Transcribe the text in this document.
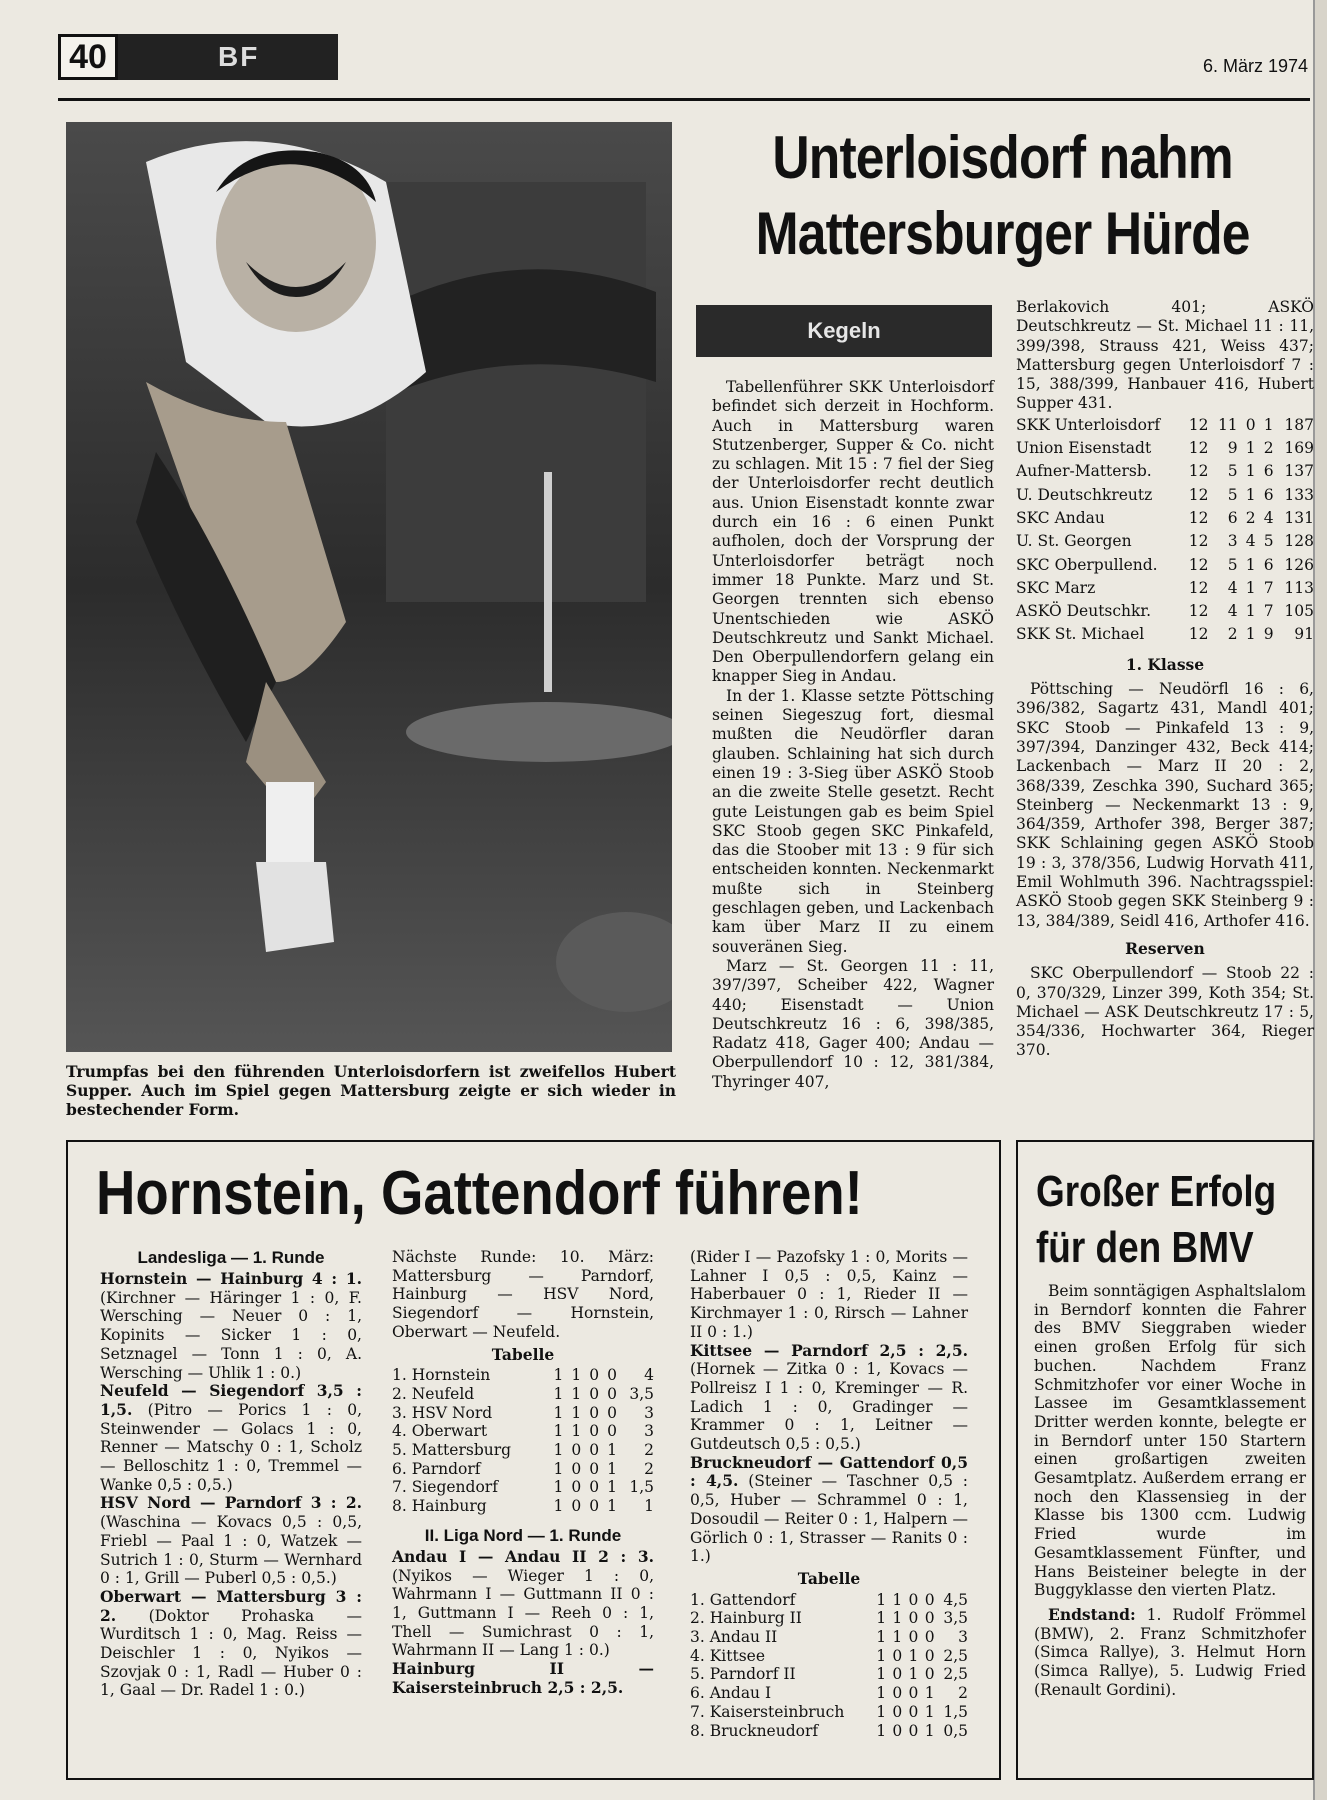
40	BF	6. März 1974
Trumpfas bei den führenden Unterloisdorfern ist zweifellos Hubert Supper. Auch im Spiel gegen Mattersburg zeigte er sich wieder in bestechender Form.
Unterloisdorf nahm Mattersburger Hürde
Kegeln

Tabellenführer SKK Unterloisdorf befindet sich derzeit in Hochform. Auch in Mattersburg waren Stutzenberger, Supper & Co. nicht zu schlagen. Mit 15 : 7 fiel der Sieg der Unterloisdorfer recht deutlich aus. Union Eisenstadt konnte zwar durch ein 16 : 6 einen Punkt aufholen, doch der Vorsprung der Unterloisdorfer beträgt noch immer 18 Punkte. Marz und St. Georgen trennten sich ebenso Unentschieden wie ASKÖ Deutschkreutz und Sankt Michael. Den Oberpullendorfern gelang ein knapper Sieg in Andau.

In der 1. Klasse setzte Pöttsching seinen Siegeszug fort, diesmal mußten die Neudörfler daran glauben. Schlaining hat sich durch einen 19 : 3-Sieg über ASKÖ Stoob an die zweite Stelle gesetzt. Recht gute Leistungen gab es beim Spiel SKC Stoob gegen SKC Pinkafeld, das die Stoober mit 13 : 9 für sich entscheiden konnten. Neckenmarkt mußte sich in Steinberg geschlagen geben, und Lackenbach kam über Marz II zu einem souveränen Sieg.

Marz — St. Georgen 11 : 11, 397/397, Scheiber 422, Wagner 440; Eisenstadt — Union Deutschkreutz 16 : 6, 398/385, Radatz 418, Gager 400; Andau — Oberpullendorf 10 : 12, 381/384, Thyringer 407,

Berlakovich 401; ASKÖ Deutschkreutz — St. Michael 11 : 11, 399/398, Strauss 421, Weiss 437; Mattersburg gegen Unterloisdorf 7 : 15, 388/399, Hanbauer 416, Hubert Supper 431.

SKK Unterloisdorf	12	11	0	1	187
Union Eisenstadt	12	9	1	2	169
Aufner-Mattersb.	12	5	1	6	137
U. Deutschkreutz	12	5	1	6	133
SKC Andau	12	6	2	4	131
U. St. Georgen	12	3	4	5	128
SKC Oberpullend.	12	5	1	6	126
SKC Marz	12	4	1	7	113
ASKÖ Deutschkr.	12	4	1	7	105
SKK St. Michael	12	2	1	9	91
1. Klasse

Pöttsching — Neudörfl 16 : 6, 396/382, Sagartz 431, Mandl 401; SKC Stoob — Pinkafeld 13 : 9, 397/394, Danzinger 432, Beck 414; Lackenbach — Marz II 20 : 2, 368/339, Zeschka 390, Suchard 365; Steinberg — Neckenmarkt 13 : 9, 364/359, Arthofer 398, Berger 387; SKK Schlaining gegen ASKÖ Stoob 19 : 3, 378/356, Ludwig Horvath 411, Emil Wohlmuth 396. Nachtragsspiel: ASKÖ Stoob gegen SKK Steinberg 9 : 13, 384/389, Seidl 416, Arthofer 416.

Reserven

SKC Oberpullendorf — Stoob 22 : 0, 370/329, Linzer 399, Koth 354; St. Michael — ASK Deutschkreutz 17 : 5, 354/336, Hochwarter 364, Rieger 370.

Hornstein, Gattendorf führen!
Landesliga — 1. Runde

Hornstein — Hainburg 4 : 1. (Kirchner — Häringer 1 : 0, F. Wersching — Neuer 0 : 1, Kopinits — Sicker 1 : 0, Setznagel — Tonn 1 : 0, A. Wersching — Uhlik 1 : 0.)

Neufeld — Siegendorf 3,5 : 1,5. (Pitro — Porics 1 : 0, Steinwender — Golacs 1 : 0, Renner — Matschy 0 : 1, Scholz — Belloschitz 1 : 0, Tremmel — Wanke 0,5 : 0,5.)

HSV Nord — Parndorf 3 : 2. (Waschina — Kovacs 0,5 : 0,5, Friebl — Paal 1 : 0, Watzek — Sutrich 1 : 0, Sturm — Wernhard 0 : 1, Grill — Puberl 0,5 : 0,5.)

Oberwart — Mattersburg 3 : 2. (Doktor Prohaska — Wurditsch 1 : 0, Mag. Reiss — Deischler 1 : 0, Nyikos — Szovjak 0 : 1, Radl — Huber 0 : 1, Gaal — Dr. Radel 1 : 0.)

Nächste Runde: 10. März: Mattersburg — Parndorf, Hainburg — HSV Nord, Siegendorf — Hornstein, Oberwart — Neufeld.

Tabelle
1. Hornstein	1	1	0	0	4
2. Neufeld	1	1	0	0	3,5
3. HSV Nord	1	1	0	0	3
4. Oberwart	1	1	0	0	3
5. Mattersburg	1	0	0	1	2
6. Parndorf	1	0	0	1	2
7. Siegendorf	1	0	0	1	1,5
8. Hainburg	1	0	0	1	1
II. Liga Nord — 1. Runde

Andau I — Andau II 2 : 3. (Nyikos — Wieger 1 : 0, Wahrmann I — Guttmann II 0 : 1, Guttmann I — Reeh 0 : 1, Thell — Sumichrast 0 : 1, Wahrmann II — Lang 1 : 0.)

Hainburg II — Kaisersteinbruch 2,5 : 2,5.

(Rider I — Pazofsky 1 : 0, Morits — Lahner I 0,5 : 0,5, Kainz — Haberbauer 0 : 1, Rieder II — Kirchmayer 1 : 0, Rirsch — Lahner II 0 : 1.)

Kittsee — Parndorf 2,5 : 2,5. (Hornek — Zitka 0 : 1, Kovacs — Pollreisz I 1 : 0, Kreminger — R. Ladich 1 : 0, Gradinger — Krammer 0 : 1, Leitner — Gutdeutsch 0,5 : 0,5.)

Bruckneudorf — Gattendorf 0,5 : 4,5. (Steiner — Taschner 0,5 : 0,5, Huber — Schrammel 0 : 1, Dosoudil — Reiter 0 : 1, Halpern — Görlich 0 : 1, Strasser — Ranits 0 : 1.)

Tabelle
1. Gattendorf	1	1	0	0	4,5
2. Hainburg II	1	1	0	0	3,5
3. Andau II	1	1	0	0	3
4. Kittsee	1	0	1	0	2,5
5. Parndorf II	1	0	1	0	2,5
6. Andau I	1	0	0	1	2
7. Kaisersteinbruch	1	0	0	1	1,5
8. Bruckneudorf	1	0	0	1	0,5
Großer Erfolg für den BMV

Beim sonntägigen Asphaltslalom in Berndorf konnten die Fahrer des BMV Sieggraben wieder einen großen Erfolg für sich buchen. Nachdem Franz Schmitzhofer vor einer Woche in Lassee im Gesamtklassement Dritter werden konnte, belegte er in Berndorf unter 150 Startern einen großartigen zweiten Gesamtplatz. Außerdem errang er noch den Klassensieg in der Klasse bis 1300 ccm. Ludwig Fried wurde im Gesamtklassement Fünfter, und Hans Beisteiner belegte in der Buggyklasse den vierten Platz.

Endstand: 1. Rudolf Frömmel (BMW), 2. Franz Schmitzhofer (Simca Rallye), 3. Helmut Horn (Simca Rallye), 5. Ludwig Fried (Renault Gordini).
